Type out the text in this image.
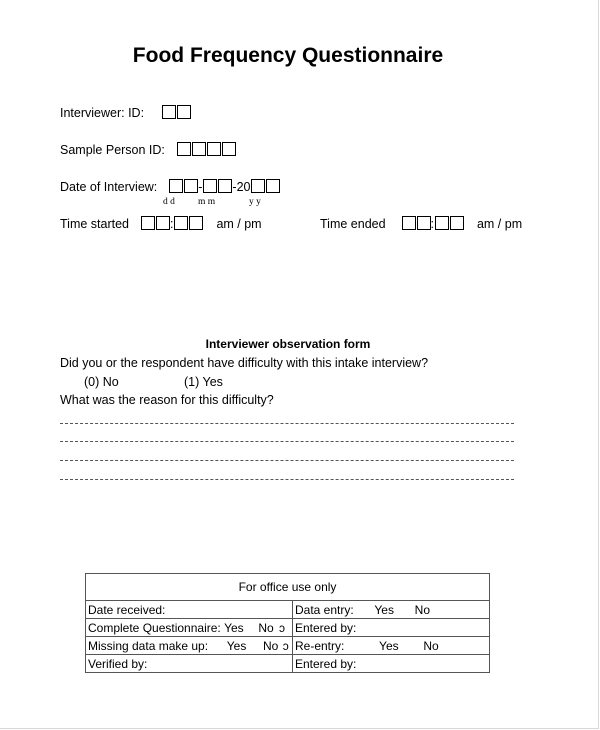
Food Frequency Questionnaire
Interviewer: ID:
Sample Person ID:
Date of Interview:	- -20
d d m m	y y
Time started	:	am / pm	Time ended	:	am / pm
Interviewer observation form
Did you or the respondent have difficulty with this intake interview?
(0) No	(1) Yes
What was the reason for this difficulty?
For office use only	
Date received:	Data entry: Yes No
Complete Questionnaire: Yes No ɔ	Entered by:
Missing data make up: Yes No ɔ	Re-entry: Yes No
Verified by:	Entered by:
